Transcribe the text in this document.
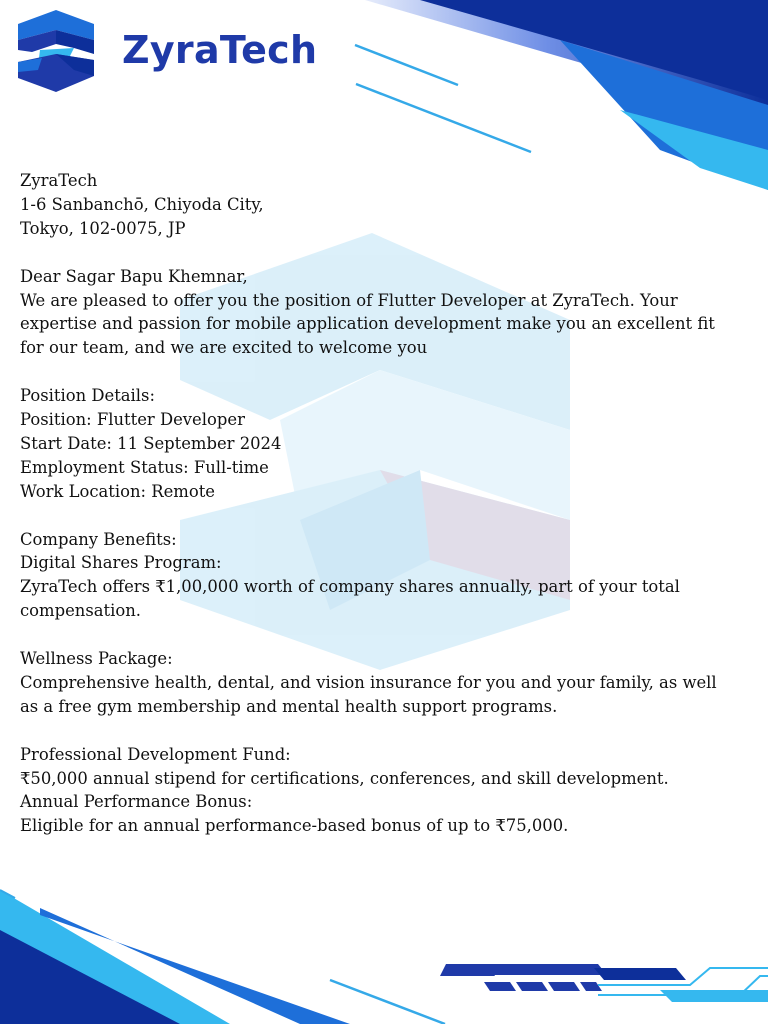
ZyraTech

ZyraTech
1-6 Sanbanchō, Chiyoda City,
Tokyo, 102-0075, JP

Dear Sagar Bapu Khemnar,
We are pleased to offer you the position of Flutter Developer at ZyraTech. Your
expertise and passion for mobile application development make you an excellent fit
for our team, and we are excited to welcome you

Position Details:
Position: Flutter Developer
Start Date: 11 September 2024
Employment Status: Full-time
Work Location: Remote

Company Benefits:
Digital Shares Program:
ZyraTech offers ₹1,00,000 worth of company shares annually, part of your total
compensation.

Wellness Package:
Comprehensive health, dental, and vision insurance for you and your family, as well
as a free gym membership and mental health support programs.

Professional Development Fund:
₹50,000 annual stipend for certifications, conferences, and skill development.
Annual Performance Bonus:
Eligible for an annual performance-based bonus of up to ₹75,000.
